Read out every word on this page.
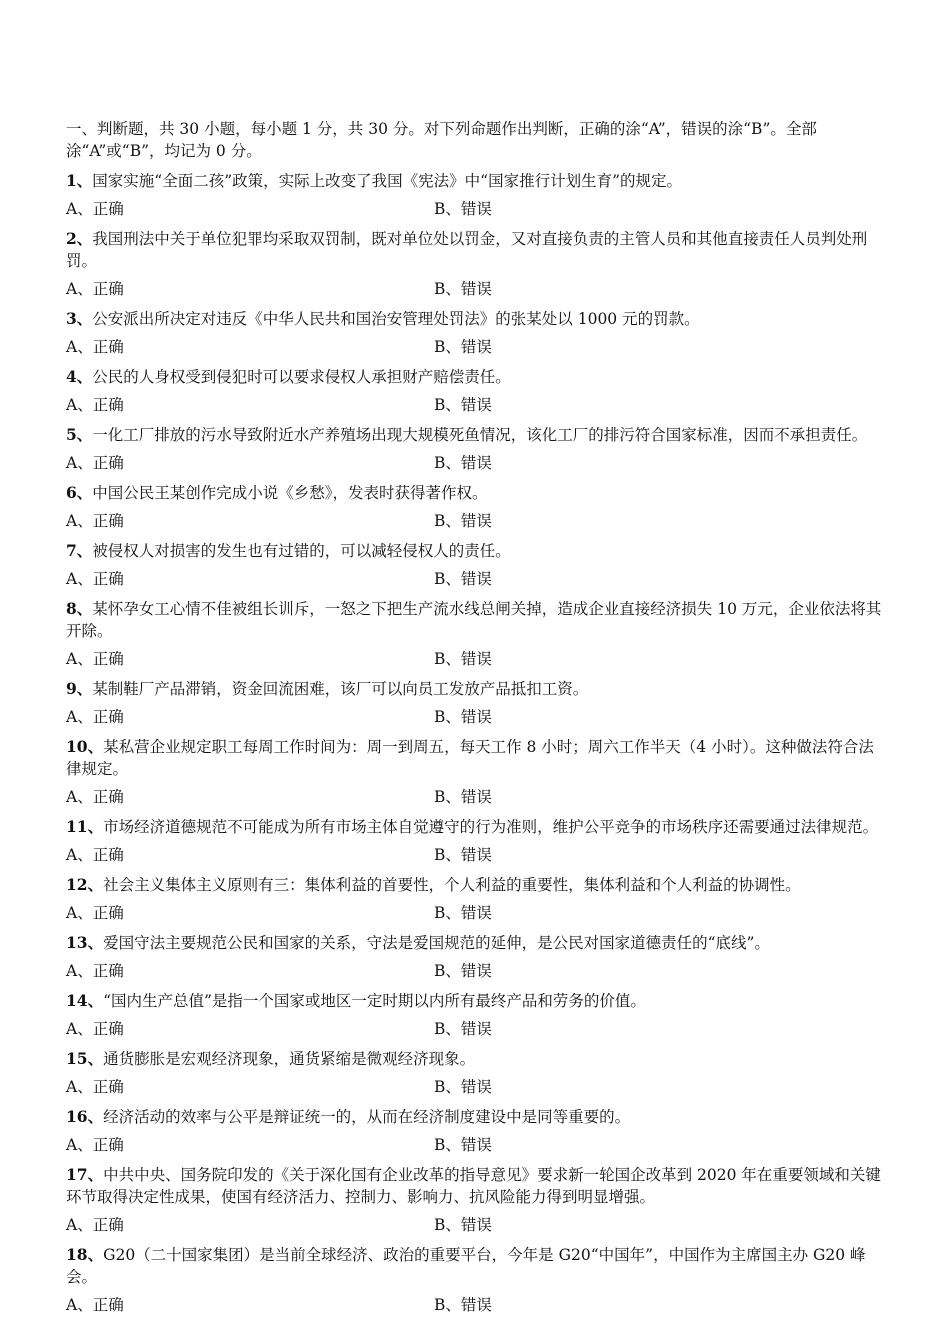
一、判断题，共 30 小题，每小题 1 分，共 30 分。对下列命题作出判断，正确的涂“A”，错误的涂“B”。全部涂“A”或“B”，均记为 0 分。

1、国家实施“全面二孩”政策，实际上改变了我国《宪法》中“国家推行计划生育”的规定。

A、正确	B、错误

2、我国刑法中关于单位犯罪均采取双罚制，既对单位处以罚金，又对直接负责的主管人员和其他直接责任人员判处刑罚。

A、正确	B、错误

3、公安派出所决定对违反《中华人民共和国治安管理处罚法》的张某处以 1000 元的罚款。

A、正确	B、错误

4、公民的人身权受到侵犯时可以要求侵权人承担财产赔偿责任。

A、正确	B、错误

5、一化工厂排放的污水导致附近水产养殖场出现大规模死鱼情况，该化工厂的排污符合国家标准，因而不承担责任。

A、正确	B、错误

6、中国公民王某创作完成小说《乡愁》，发表时获得著作权。

A、正确	B、错误

7、被侵权人对损害的发生也有过错的，可以减轻侵权人的责任。

A、正确	B、错误

8、某怀孕女工心情不佳被组长训斥，一怒之下把生产流水线总闸关掉，造成企业直接经济损失 10 万元，企业依法将其开除。

A、正确	B、错误

9、某制鞋厂产品滞销，资金回流困难，该厂可以向员工发放产品抵扣工资。

A、正确	B、错误

10、某私营企业规定职工每周工作时间为：周一到周五，每天工作 8 小时；周六工作半天（4 小时）。这种做法符合法律规定。

A、正确	B、错误

11、市场经济道德规范不可能成为所有市场主体自觉遵守的行为准则，维护公平竞争的市场秩序还需要通过法律规范。

A、正确	B、错误

12、社会主义集体主义原则有三：集体利益的首要性，个人利益的重要性，集体利益和个人利益的协调性。

A、正确	B、错误

13、爱国守法主要规范公民和国家的关系，守法是爱国规范的延伸，是公民对国家道德责任的“底线”。

A、正确	B、错误

14、“国内生产总值”是指一个国家或地区一定时期以内所有最终产品和劳务的价值。

A、正确	B、错误

15、通货膨胀是宏观经济现象，通货紧缩是微观经济现象。

A、正确	B、错误

16、经济活动的效率与公平是辩证统一的，从而在经济制度建设中是同等重要的。

A、正确	B、错误

17、中共中央、国务院印发的《关于深化国有企业改革的指导意见》要求新一轮国企改革到 2020 年在重要领域和关键环节取得决定性成果，使国有经济活力、控制力、影响力、抗风险能力得到明显增强。

A、正确	B、错误

18、G20（二十国家集团）是当前全球经济、政治的重要平台，今年是 G20“中国年”，中国作为主席国主办 G20 峰会。

A、正确	B、错误
